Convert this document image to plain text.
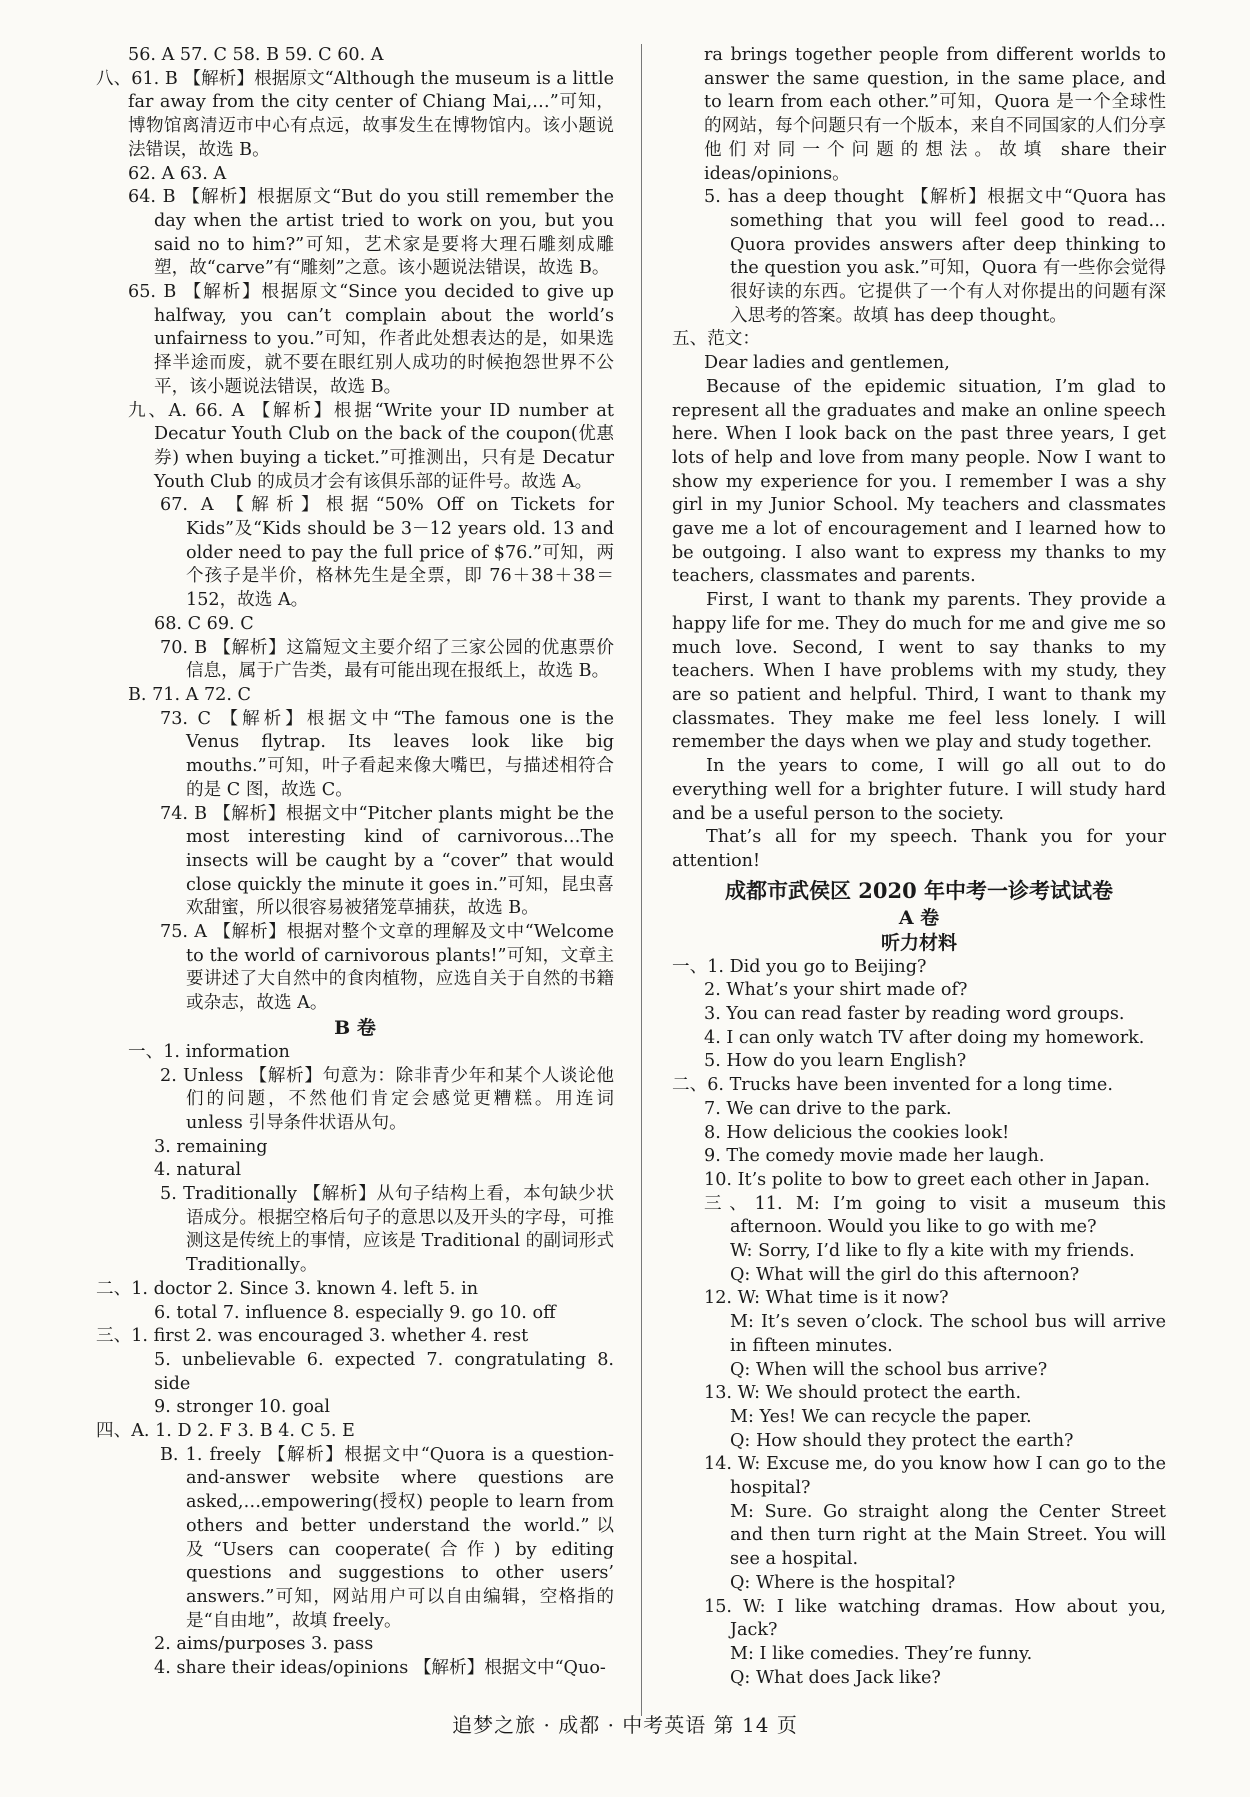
56. A 57. C 58. B 59. C 60. A

八、61. B 【解析】根据原文“Although the museum is a little far away from the city center of Chiang Mai,…”可知，博物馆离清迈市中心有点远，故事发生在博物馆内。该小题说法错误，故选 B。

62. A 63. A

64. B 【解析】根据原文“But do you still remember the day when the artist tried to work on you, but you said no to him?”可知，艺术家是要将大理石雕刻成雕塑，故“carve”有“雕刻”之意。该小题说法错误，故选 B。

65. B 【解析】根据原文“Since you decided to give up halfway, you can’t complain about the world’s unfairness to you.”可知，作者此处想表达的是，如果选择半途而废，就不要在眼红别人成功的时候抱怨世界不公平，该小题说法错误，故选 B。

九、A. 66. A 【解析】根据“Write your ID number at Decatur Youth Club on the back of the coupon(优惠券) when buying a ticket.”可推测出，只有是 Decatur Youth Club 的成员才会有该俱乐部的证件号。故选 A。

67. A 【解析】根据“50% Off on Tickets for Kids”及“Kids should be 3－12 years old. 13 and older need to pay the full price of $76.”可知，两个孩子是半价，格林先生是全票，即 76＋38＋38＝152，故选 A。

68. C 69. C

70. B 【解析】这篇短文主要介绍了三家公园的优惠票价信息，属于广告类，最有可能出现在报纸上，故选 B。

B. 71. A 72. C

73. C 【解析】根据文中“The famous one is the Venus flytrap. Its leaves look like big mouths.”可知，叶子看起来像大嘴巴，与描述相符合的是 C 图，故选 C。

74. B 【解析】根据文中“Pitcher plants might be the most interesting kind of carnivorous…The insects will be caught by a “cover” that would close quickly the minute it goes in.”可知，昆虫喜欢甜蜜，所以很容易被猪笼草捕获，故选 B。

75. A 【解析】根据对整个文章的理解及文中“Welcome to the world of carnivorous plants!”可知，文章主要讲述了大自然中的食肉植物，应选自关于自然的书籍或杂志，故选 A。

B 卷

一、1. information

2. Unless 【解析】句意为：除非青少年和某个人谈论他们的问题，不然他们肯定会感觉更糟糕。用连词 unless 引导条件状语从句。

3. remaining

4. natural

5. Traditionally 【解析】从句子结构上看，本句缺少状语成分。根据空格后句子的意思以及开头的字母，可推测这是传统上的事情，应该是 Traditional 的副词形式 Traditionally。

二、1. doctor 2. Since 3. known 4. left 5. in

6. total 7. influence 8. especially 9. go 10. off

三、1. first 2. was encouraged 3. whether 4. rest

5. unbelievable 6. expected 7. congratulating 8. side

9. stronger 10. goal

四、A. 1. D 2. F 3. B 4. C 5. E

B. 1. freely 【解析】根据文中“Quora is a question-and-answer website where questions are asked,…empowering(授权) people to learn from others and better understand the world.”以及“Users can cooperate(合作) by editing questions and suggestions to other users’ answers.”可知，网站用户可以自由编辑，空格指的是“自由地”，故填 freely。

2. aims/purposes 3. pass

4. share their ideas/opinions 【解析】根据文中“Quo-

ra brings together people from different worlds to answer the same question, in the same place, and to learn from each other.”可知，Quora 是一个全球性的网站，每个问题只有一个版本，来自不同国家的人们分享他们对同一个问题的想法。故填 share their ideas/opinions。

5. has a deep thought 【解析】根据文中“Quora has something that you will feel good to read… Quora provides answers after deep thinking to the question you ask.”可知，Quora 有一些你会觉得很好读的东西。它提供了一个有人对你提出的问题有深入思考的答案。故填 has deep thought。

五、范文：

Dear ladies and gentlemen,

Because of the epidemic situation, I’m glad to represent all the graduates and make an online speech here. When I look back on the past three years, I get lots of help and love from many people. Now I want to show my experience for you. I remember I was a shy girl in my Junior School. My teachers and classmates gave me a lot of encouragement and I learned how to be outgoing. I also want to express my thanks to my teachers, classmates and parents.

First, I want to thank my parents. They provide a happy life for me. They do much for me and give me so much love. Second, I went to say thanks to my teachers. When I have problems with my study, they are so patient and helpful. Third, I want to thank my classmates. They make me feel less lonely. I will remember the days when we play and study together.

In the years to come, I will go all out to do everything well for a brighter future. I will study hard and be a useful person to the society.

That’s all for my speech. Thank you for your attention!

成都市武侯区 2020 年中考一诊考试试卷

A 卷

听力材料

一、1. Did you go to Beijing?

2. What’s your shirt made of?

3. You can read faster by reading word groups.

4. I can only watch TV after doing my homework.

5. How do you learn English?

二、6. Trucks have been invented for a long time.

7. We can drive to the park.

8. How delicious the cookies look!

9. The comedy movie made her laugh.

10. It’s polite to bow to greet each other in Japan.

三、11. M: I’m going to visit a museum this afternoon. Would you like to go with me?

W: Sorry, I’d like to fly a kite with my friends.

Q: What will the girl do this afternoon?

12. W: What time is it now?

M: It’s seven o’clock. The school bus will arrive in fifteen minutes.

Q: When will the school bus arrive?

13. W: We should protect the earth.

M: Yes! We can recycle the paper.

Q: How should they protect the earth?

14. W: Excuse me, do you know how I can go to the hospital?

M: Sure. Go straight along the Center Street and then turn right at the Main Street. You will see a hospital.

Q: Where is the hospital?

15. W: I like watching dramas. How about you, Jack?

M: I like comedies. They’re funny.

Q: What does Jack like?

追梦之旅 · 成都 · 中考英语 第 14 页
